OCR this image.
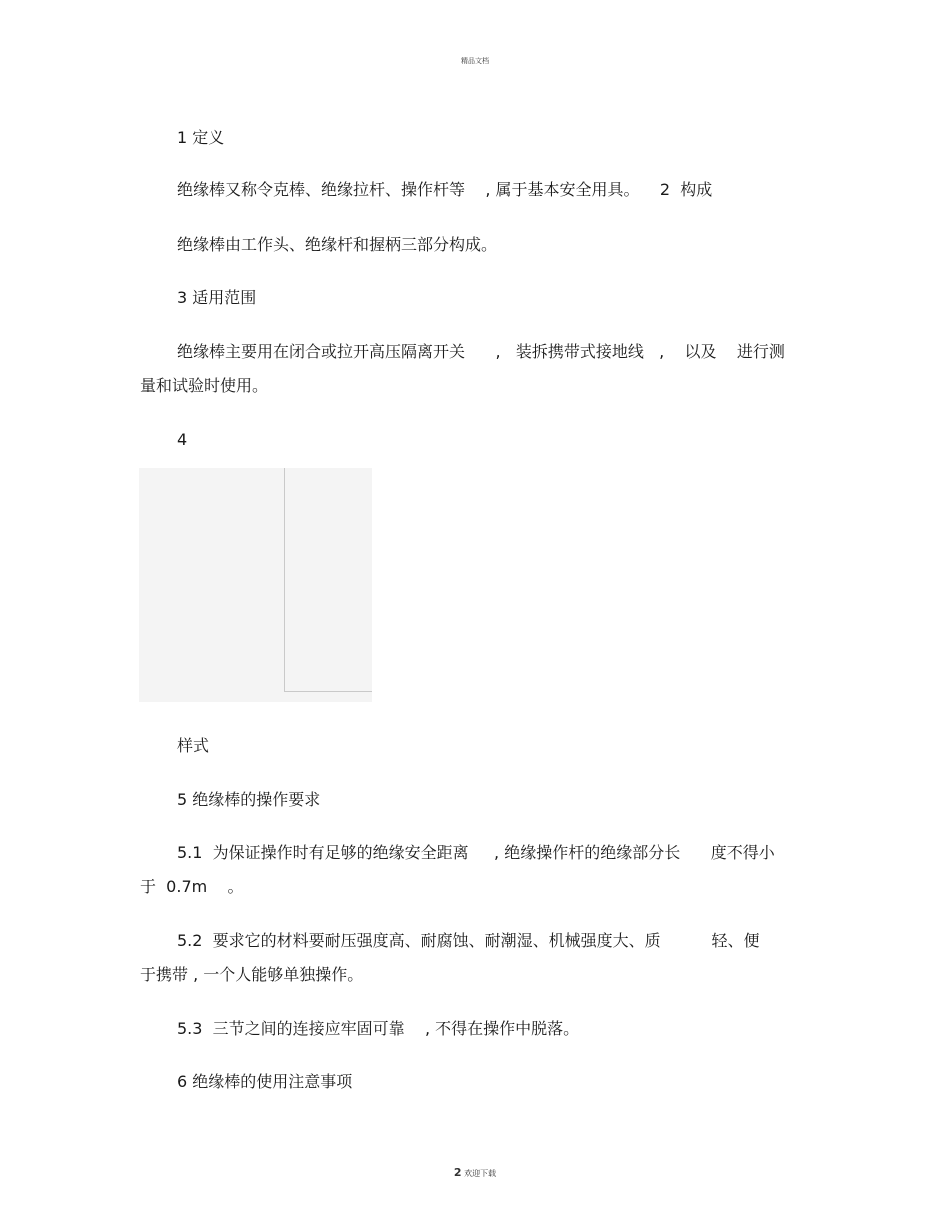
精品文档
1 定义
绝缘棒又称令克棒、绝缘拉杆、操作杆等    , 属于基本安全用具。    2  构成
绝缘棒由工作头、绝缘杆和握柄三部分构成。
3 适用范围
绝缘棒主要用在闭合或拉开高压隔离开关      ,   装拆携带式接地线   ,    以及    进行测
量和试验时使用。
4
样式
5 绝缘棒的操作要求
5.1  为保证操作时有足够的绝缘安全距离     , 绝缘操作杆的绝缘部分长      度不得小
于  0.7m    。
5.2  要求它的材料要耐压强度高、耐腐蚀、耐潮湿、机械强度大、质          轻、便
于携带 , 一个人能够单独操作。
5.3  三节之间的连接应牢固可靠    , 不得在操作中脱落。
6 绝缘棒的使用注意事项
2 欢迎下载
